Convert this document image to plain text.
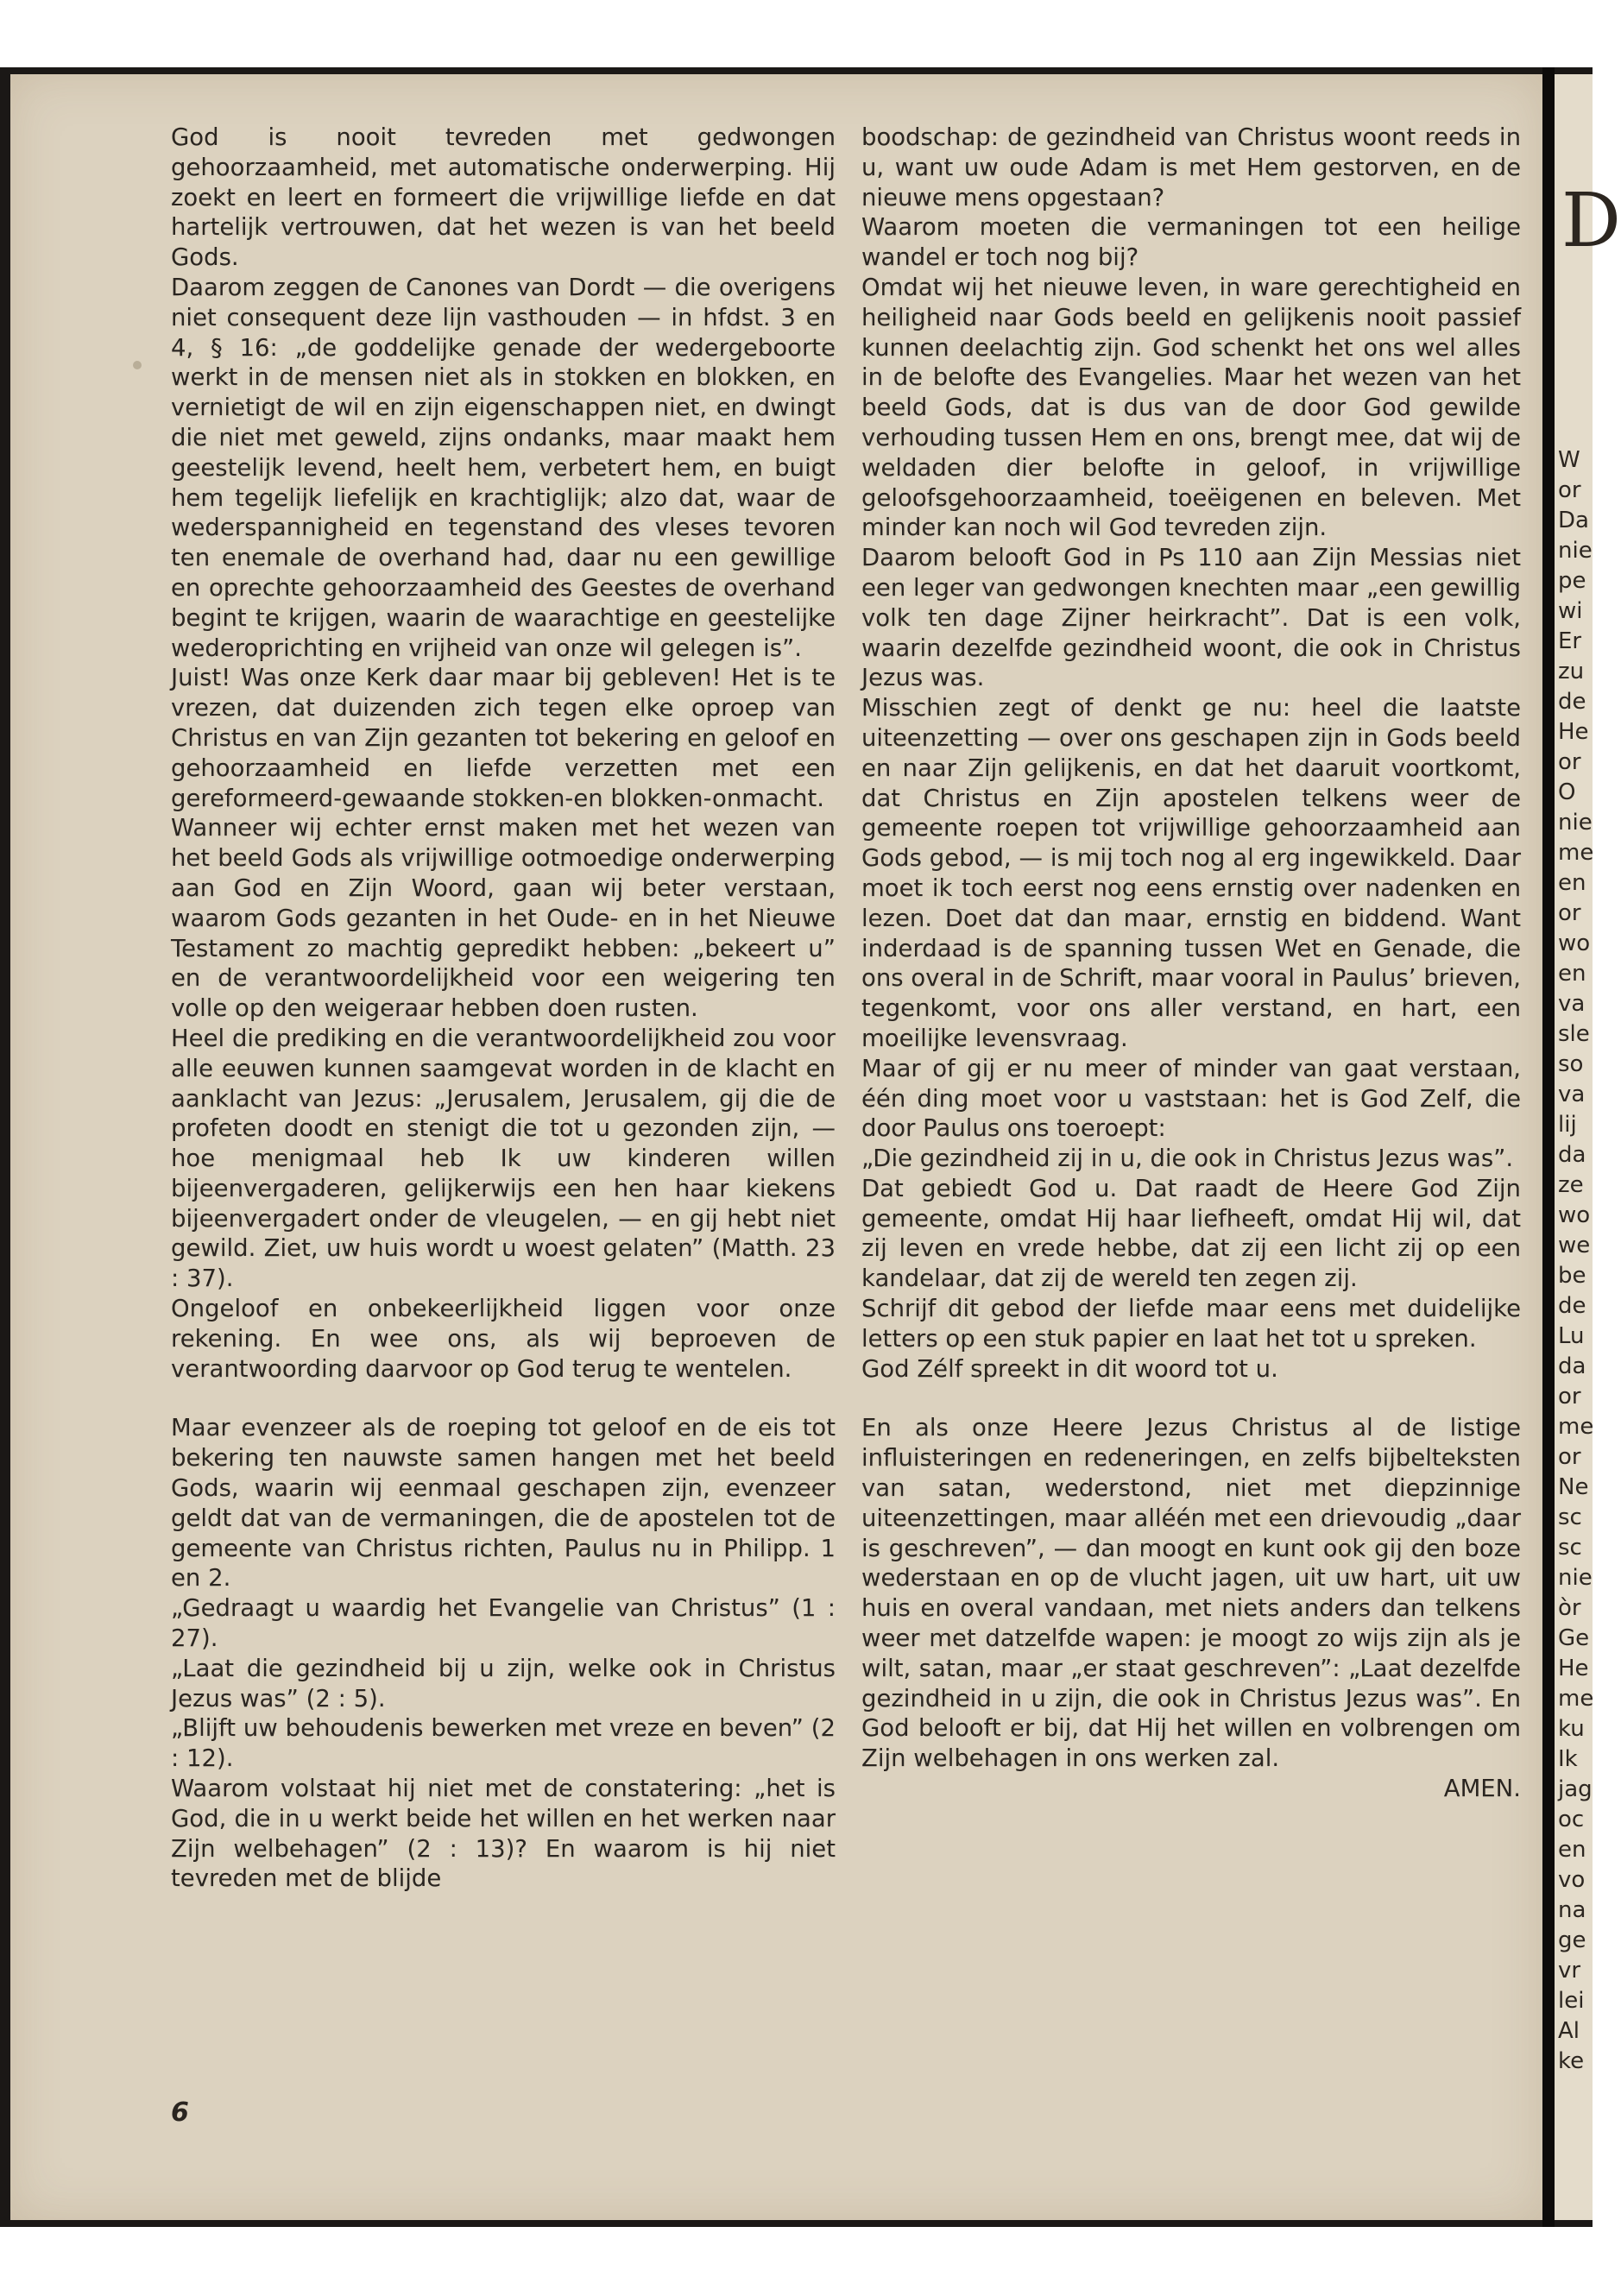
D
W
or
Da
nie
pe
wi
Er
zu
de
He
or
O
nie
me
en
or
wo
en
va
sle
so
va
lij
da
ze
wo
we
be
de
Lu
da
or
me
or
Ne
sc
sc
nie
òr
Ge
He
me
ku
Ik
jag
oc
en
vo
na
ge
vr
lei
Al
ke

God is nooit tevreden met gedwongen gehoorzaamheid, met automatische onderwerping. Hij zoekt en leert en formeert die vrijwillige liefde en dat hartelijk vertrouwen, dat het wezen is van het beeld Gods.

Daarom zeggen de Canones van Dordt — die overigens niet consequent deze lijn vasthouden — in hfdst. 3 en 4, § 16: „de goddelijke genade der wedergeboorte werkt in de mensen niet als in stokken en blokken, en vernietigt de wil en zijn eigenschappen niet, en dwingt die niet met geweld, zijns ondanks, maar maakt hem geestelijk levend, heelt hem, verbetert hem, en buigt hem tegelijk liefelijk en krachtiglijk; alzo dat, waar de wederspannigheid en tegenstand des vleses tevoren ten enemale de overhand had, daar nu een gewillige en oprechte gehoorzaamheid des Geestes de overhand begint te krijgen, waarin de waarachtige en geestelijke wederoprichting en vrijheid van onze wil gelegen is”.

Juist! Was onze Kerk daar maar bij gebleven! Het is te vrezen, dat duizenden zich tegen elke oproep van Christus en van Zijn gezanten tot bekering en geloof en gehoorzaamheid en liefde verzetten met een gereformeerd-gewaande stokken-en blokken-onmacht.

Wanneer wij echter ernst maken met het wezen van het beeld Gods als vrijwillige ootmoedige onderwerping aan God en Zijn Woord, gaan wij beter verstaan, waarom Gods gezanten in het Oude- en in het Nieuwe Testament zo machtig gepredikt hebben: „bekeert u” en de verantwoordelijkheid voor een weigering ten volle op den weigeraar hebben doen rusten.

Heel die prediking en die verantwoordelijkheid zou voor alle eeuwen kunnen saamgevat worden in de klacht en aanklacht van Jezus: „Jerusalem, Jerusalem, gij die de profeten doodt en stenigt die tot u gezonden zijn, — hoe menigmaal heb Ik uw kinderen willen bijeenvergaderen, gelijkerwijs een hen haar kiekens bijeenvergadert onder de vleugelen, — en gij hebt niet gewild. Ziet, uw huis wordt u woest gelaten” (Matth. 23 : 37).

Ongeloof en onbekeerlijkheid liggen voor onze rekening. En wee ons, als wij beproeven de verantwoording daarvoor op God terug te wentelen.

Maar evenzeer als de roeping tot geloof en de eis tot bekering ten nauwste samen hangen met het beeld Gods, waarin wij eenmaal geschapen zijn, evenzeer geldt dat van de vermaningen, die de apostelen tot de gemeente van Christus richten, Paulus nu in Philipp. 1 en 2.

„Gedraagt u waardig het Evangelie van Christus” (1 : 27).

„Laat die gezindheid bij u zijn, welke ook in Christus Jezus was” (2 : 5).

„Blijft uw behoudenis bewerken met vreze en beven” (2 : 12).

Waarom volstaat hij niet met de constatering: „het is God, die in u werkt beide het willen en het werken naar Zijn welbehagen” (2 : 13)? En waarom is hij niet tevreden met de blijde

boodschap: de gezindheid van Christus woont reeds in u, want uw oude Adam is met Hem gestorven, en de nieuwe mens opgestaan?

Waarom moeten die vermaningen tot een heilige wandel er toch nog bij?

Omdat wij het nieuwe leven, in ware gerechtigheid en heiligheid naar Gods beeld en gelijkenis nooit passief kunnen deelachtig zijn. God schenkt het ons wel alles in de belofte des Evangelies. Maar het wezen van het beeld Gods, dat is dus van de door God gewilde verhouding tussen Hem en ons, brengt mee, dat wij de weldaden dier belofte in geloof, in vrijwillige geloofsgehoorzaamheid, toeëigenen en beleven. Met minder kan noch wil God tevreden zijn.

Daarom belooft God in Ps 110 aan Zijn Messias niet een leger van gedwongen knechten maar „een gewillig volk ten dage Zijner heirkracht”. Dat is een volk, waarin dezelfde gezindheid woont, die ook in Christus Jezus was.

Misschien zegt of denkt ge nu: heel die laatste uiteenzetting — over ons geschapen zijn in Gods beeld en naar Zijn gelijkenis, en dat het daaruit voortkomt, dat Christus en Zijn apostelen telkens weer de gemeente roepen tot vrijwillige gehoorzaamheid aan Gods gebod, — is mij toch nog al erg ingewikkeld. Daar moet ik toch eerst nog eens ernstig over nadenken en lezen. Doet dat dan maar, ernstig en biddend. Want inderdaad is de spanning tussen Wet en Genade, die ons overal in de Schrift, maar vooral in Paulus’ brieven, tegenkomt, voor ons aller verstand, en hart, een moeilijke levensvraag.

Maar of gij er nu meer of minder van gaat verstaan, één ding moet voor u vaststaan: het is God Zelf, die door Paulus ons toeroept:

„Die gezindheid zij in u, die ook in Christus Jezus was”.

Dat gebiedt God u. Dat raadt de Heere God Zijn gemeente, omdat Hij haar liefheeft, omdat Hij wil, dat zij leven en vrede hebbe, dat zij een licht zij op een kandelaar, dat zij de wereld ten zegen zij.

Schrijf dit gebod der liefde maar eens met duidelijke letters op een stuk papier en laat het tot u spreken.

God Zélf spreekt in dit woord tot u.

En als onze Heere Jezus Christus al de listige influisteringen en redeneringen, en zelfs bijbelteksten van satan, wederstond, niet met diepzinnige uiteenzettingen, maar alléén met een drievoudig „daar is geschreven”, — dan moogt en kunt ook gij den boze wederstaan en op de vlucht jagen, uit uw hart, uit uw huis en overal vandaan, met niets anders dan telkens weer met datzelfde wapen: je moogt zo wijs zijn als je wilt, satan, maar „er staat geschreven”: „Laat dezelfde gezindheid in u zijn, die ook in Christus Jezus was”. En God belooft er bij, dat Hij het willen en volbrengen om Zijn welbehagen in ons werken zal.

AMEN.

6
